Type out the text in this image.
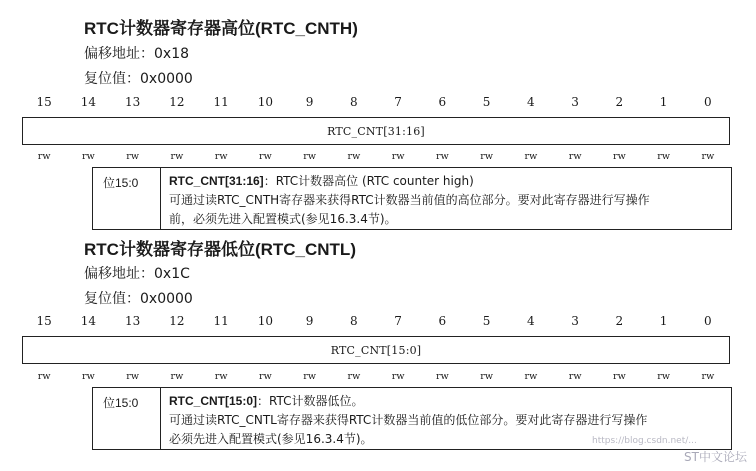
RTC计数器寄存器高位(RTC_CNTH)
偏移地址：0x18
复位值：0x0000
15	14	13	12	11	10	9	8	7	6	5	4	3	2	1	0
RTC_CNT[31:16]
rw	rw	rw	rw	rw	rw	rw	rw	rw	rw	rw	rw	rw	rw	rw	rw
位15:0	RTC_CNT[31:16]：RTC计数器高位 (RTC counter high)
可通过读RTC_CNTH寄存器来获得RTC计数器当前值的高位部分。要对此寄存器进行写操作
前，必须先进入配置模式(参见16.3.4节)。
RTC计数器寄存器低位(RTC_CNTL)
偏移地址：0x1C
复位值：0x0000
15	14	13	12	11	10	9	8	7	6	5	4	3	2	1	0
RTC_CNT[15:0]
rw	rw	rw	rw	rw	rw	rw	rw	rw	rw	rw	rw	rw	rw	rw	rw
位15:0	RTC_CNT[15:0]：RTC计数器低位。
可通过读RTC_CNTL寄存器来获得RTC计数器当前值的低位部分。要对此寄存器进行写操作
必须先进入配置模式(参见16.3.4节)。	https://blog.csdn.net/...
ST中文论坛
